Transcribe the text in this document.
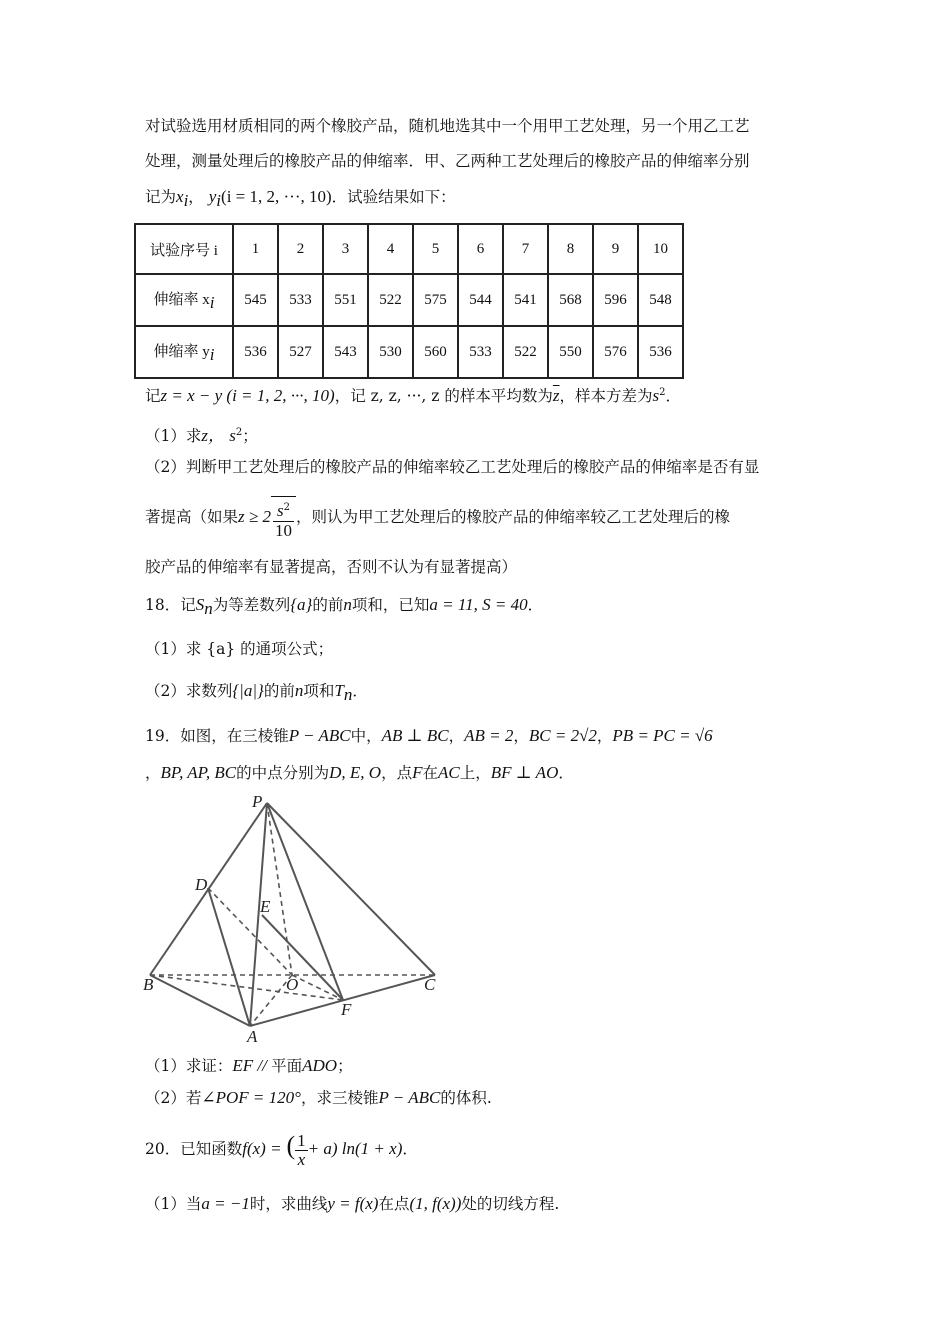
对试验选用材质相同的两个橡胶产品，随机地选其中一个用甲工艺处理，另一个用乙工艺
处理，测量处理后的橡胶产品的伸缩率．甲、乙两种工艺处理后的橡胶产品的伸缩率分别
记为$x_i$， $y_i(i = 1$, 2, ···, 10)．试验结果如下：
试验序号 i	1	2	3	4	5	6	7	8	9	10
伸缩率 $x_i$	545	533	551	522	575	544	541	568	596	548
伸缩率 $y_i$	536	527	543	530	560	533	522	550	576	536
记z = x − y (i = 1, 2, ···, 10)，记 z, z, ···, z 的样本平均数为$\overline{z}$，样本方差为$s^2$．
（1）求z， $s^2$；
（2）判断甲工艺处理后的橡胶产品的伸缩率较乙工艺处理后的橡胶产品的伸缩率是否有显
著提高（如果$z \ge 2 \frac{s^2}{10}$ ，则认为甲工艺处理后的橡胶产品的伸缩率较乙工艺处理后的橡
胶产品的伸缩率有显著提高，否则不认为有显著提高）
18．记$S_n$为等差数列{a}的前n项和，已知a = 11, S = 40．
（1）求 {a} 的通项公式；
（2）求数列{|a|}的前n项和$T_n$．
19．如图，在三棱锥P − ABC中，AB ⊥ BC，AB = 2，BC = 2√2，PB = PC = √6
，BP, AP, BC的中点分别为D, E, O，点F在AC上，BF ⊥ AO．
P
D
E
B	O	C
F
A
（1）求证：EF // 平面ADO；
（2）若∠POF = 120°，求三棱锥P − ABC的体积.
20．已知函数f(x) = ( $\frac{1}{x} + a$) ln(1 + x)．
（1）当a = −1时，求曲线y = f(x)在点(1, f(x))处的切线方程.
